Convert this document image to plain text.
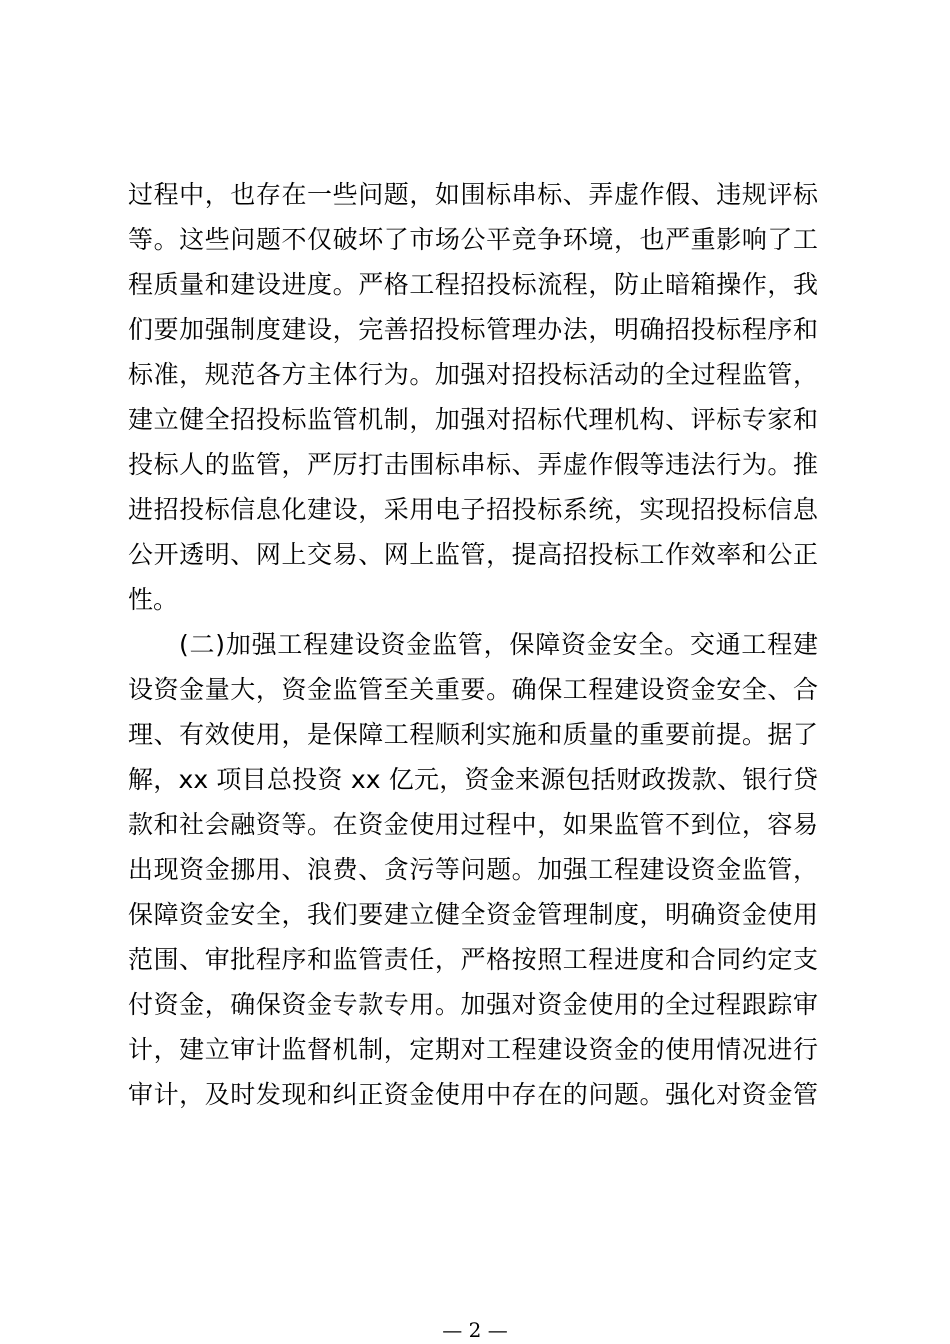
过程中，也存在一些问题，如围标串标、弄虚作假、违规评标
等。这些问题不仅破坏了市场公平竞争环境，也严重影响了工
程质量和建设进度。严格工程招投标流程，防止暗箱操作，我
们要加强制度建设，完善招投标管理办法，明确招投标程序和
标准，规范各方主体行为。加强对招投标活动的全过程监管，
建立健全招投标监管机制，加强对招标代理机构、评标专家和
投标人的监管，严厉打击围标串标、弄虚作假等违法行为。推
进招投标信息化建设，采用电子招投标系统，实现招投标信息
公开透明、网上交易、网上监管，提高招投标工作效率和公正
性。
(二)加强工程建设资金监管，保障资金安全。交通工程建
设资金量大，资金监管至关重要。确保工程建设资金安全、合
理、有效使用，是保障工程顺利实施和质量的重要前提。据了
解，xx 项目总投资 xx 亿元，资金来源包括财政拨款、银行贷
款和社会融资等。在资金使用过程中，如果监管不到位，容易
出现资金挪用、浪费、贪污等问题。加强工程建设资金监管，
保障资金安全，我们要建立健全资金管理制度，明确资金使用
范围、审批程序和监管责任，严格按照工程进度和合同约定支
付资金，确保资金专款专用。加强对资金使用的全过程跟踪审
计，建立审计监督机制，定期对工程建设资金的使用情况进行
审计，及时发现和纠正资金使用中存在的问题。强化对资金管
— 2 —
